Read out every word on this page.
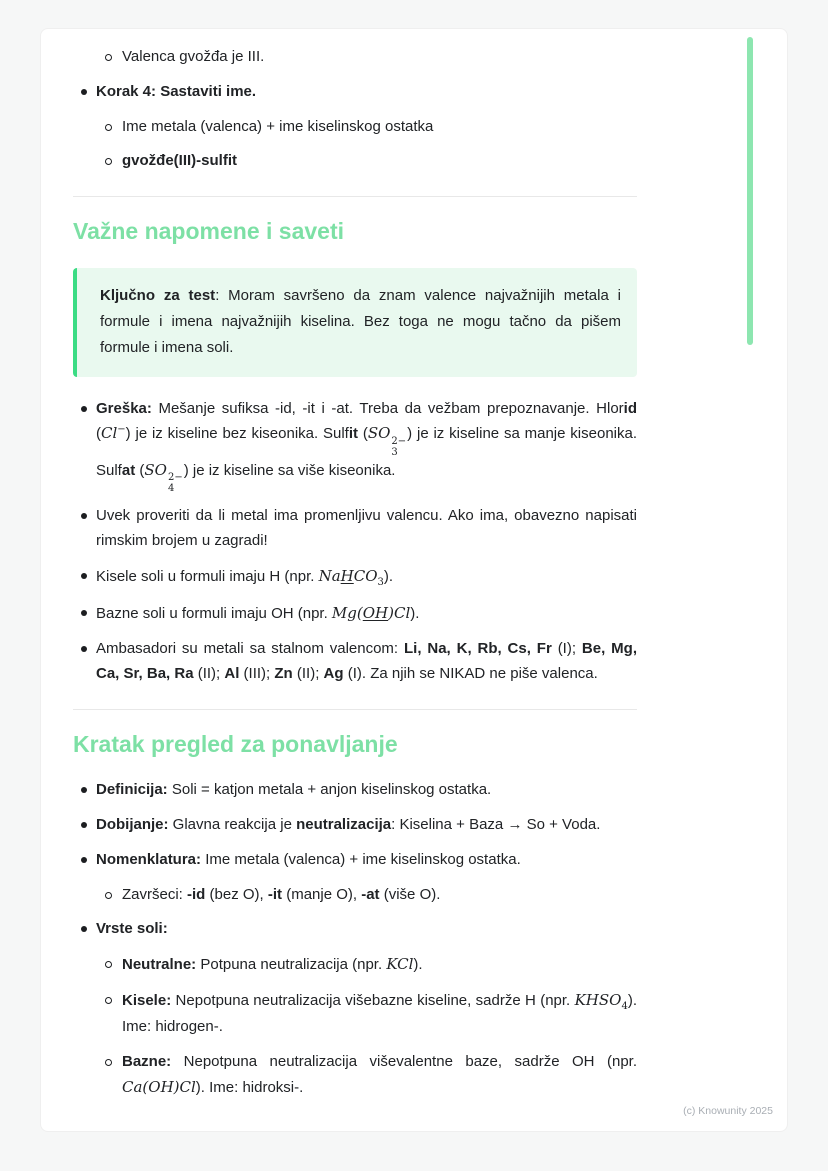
Valenca gvožđa je III.
Korak 4: Sastaviti ime.
Ime metala (valenca) + ime kiselinskog ostatka
gvožđe(III)-sulfit
Važne napomene i saveti

Ključno za test: Moram savršeno da znam valence najvažnijih metala i formule i imena najvažnijih kiselina. Bez toga ne mogu tačno da pišem formule i imena soli.

Greška: Mešanje sufiksa -id, -it i -at. Treba da vežbam prepoznavanje. Hlorid (Cl−) je iz kiseline bez kiseonika. Sulfit (SO 2−
3
) je iz kiseline sa manje kiseonika. Sulfat (SO 2−
4
) je iz kiseline sa više kiseonika.
Uvek proveriti da li metal ima promenljivu valencu. Ako ima, obavezno napisati rimskim brojem u zagradi!
Kisele soli u formuli imaju H (npr. NaHCO$_3$).
Bazne soli u formuli imaju OH (npr. Mg(OH)Cl).
Ambasadori su metali sa stalnom valencom: Li, Na, K, Rb, Cs, Fr (I); Be, Mg, Ca, Sr, Ba, Ra (II); Al (III); Zn (II); Ag (I). Za njih se NIKAD ne piše valenca.
Kratak pregled za ponavljanje
Definicija: Soli = katjon metala + anjon kiselinskog ostatka.
Dobijanje: Glavna reakcija je neutralizacija: Kiselina + Baza → So + Voda.
Nomenklatura: Ime metala (valenca) + ime kiselinskog ostatka.
Završeci: -id (bez O), -it (manje O), -at (više O).
Vrste soli:
Neutralne: Potpuna neutralizacija (npr. KCl).
Kisele: Nepotpuna neutralizacija višebazne kiseline, sadrže H (npr. $KHSO_4$). Ime: hidrogen-.
Bazne: Nepotpuna neutralizacija viševalentne baze, sadrže OH (npr. Ca(OH)Cl). Ime: hidroksi-.
(c) Knowunity 2025
